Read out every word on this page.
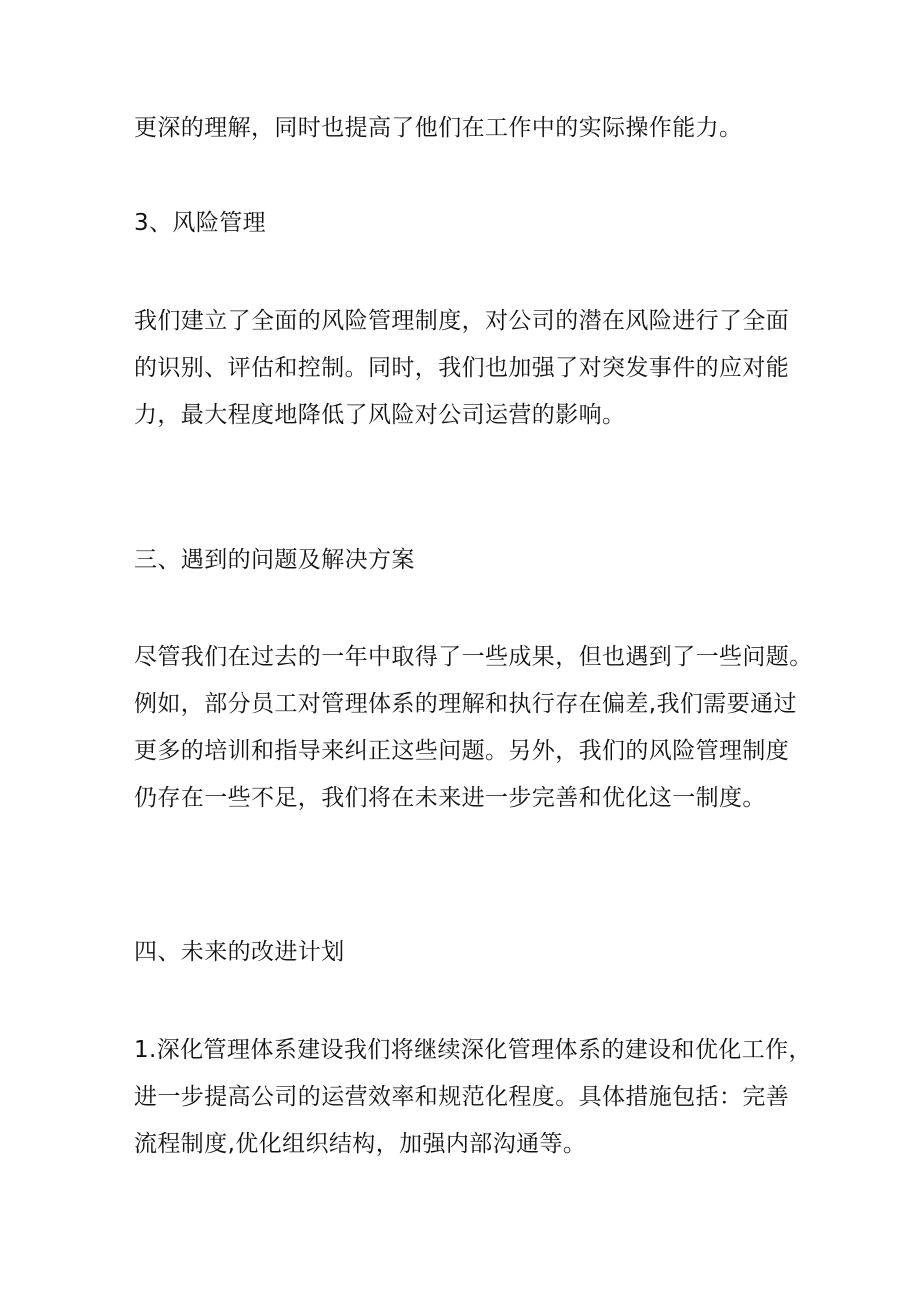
更深的理解，同时也提高了他们在工作中的实际操作能力。
3、风险管理
我们建立了全面的风险管理制度，对公司的潜在风险进行了全面
的识别、评估和控制。同时，我们也加强了对突发事件的应对能
力，最大程度地降低了风险对公司运营的影响。
三、遇到的问题及解决方案
尽管我们在过去的一年中取得了一些成果，但也遇到了一些问题。
例如，部分员工对管理体系的理解和执行存在偏差,我们需要通过
更多的培训和指导来纠正这些问题。另外，我们的风险管理制度
仍存在一些不足，我们将在未来进一步完善和优化这一制度。
四、未来的改进计划
1.深化管理体系建设我们将继续深化管理体系的建设和优化工作，
进一步提高公司的运营效率和规范化程度。具体措施包括：完善
流程制度,优化组织结构，加强内部沟通等。
